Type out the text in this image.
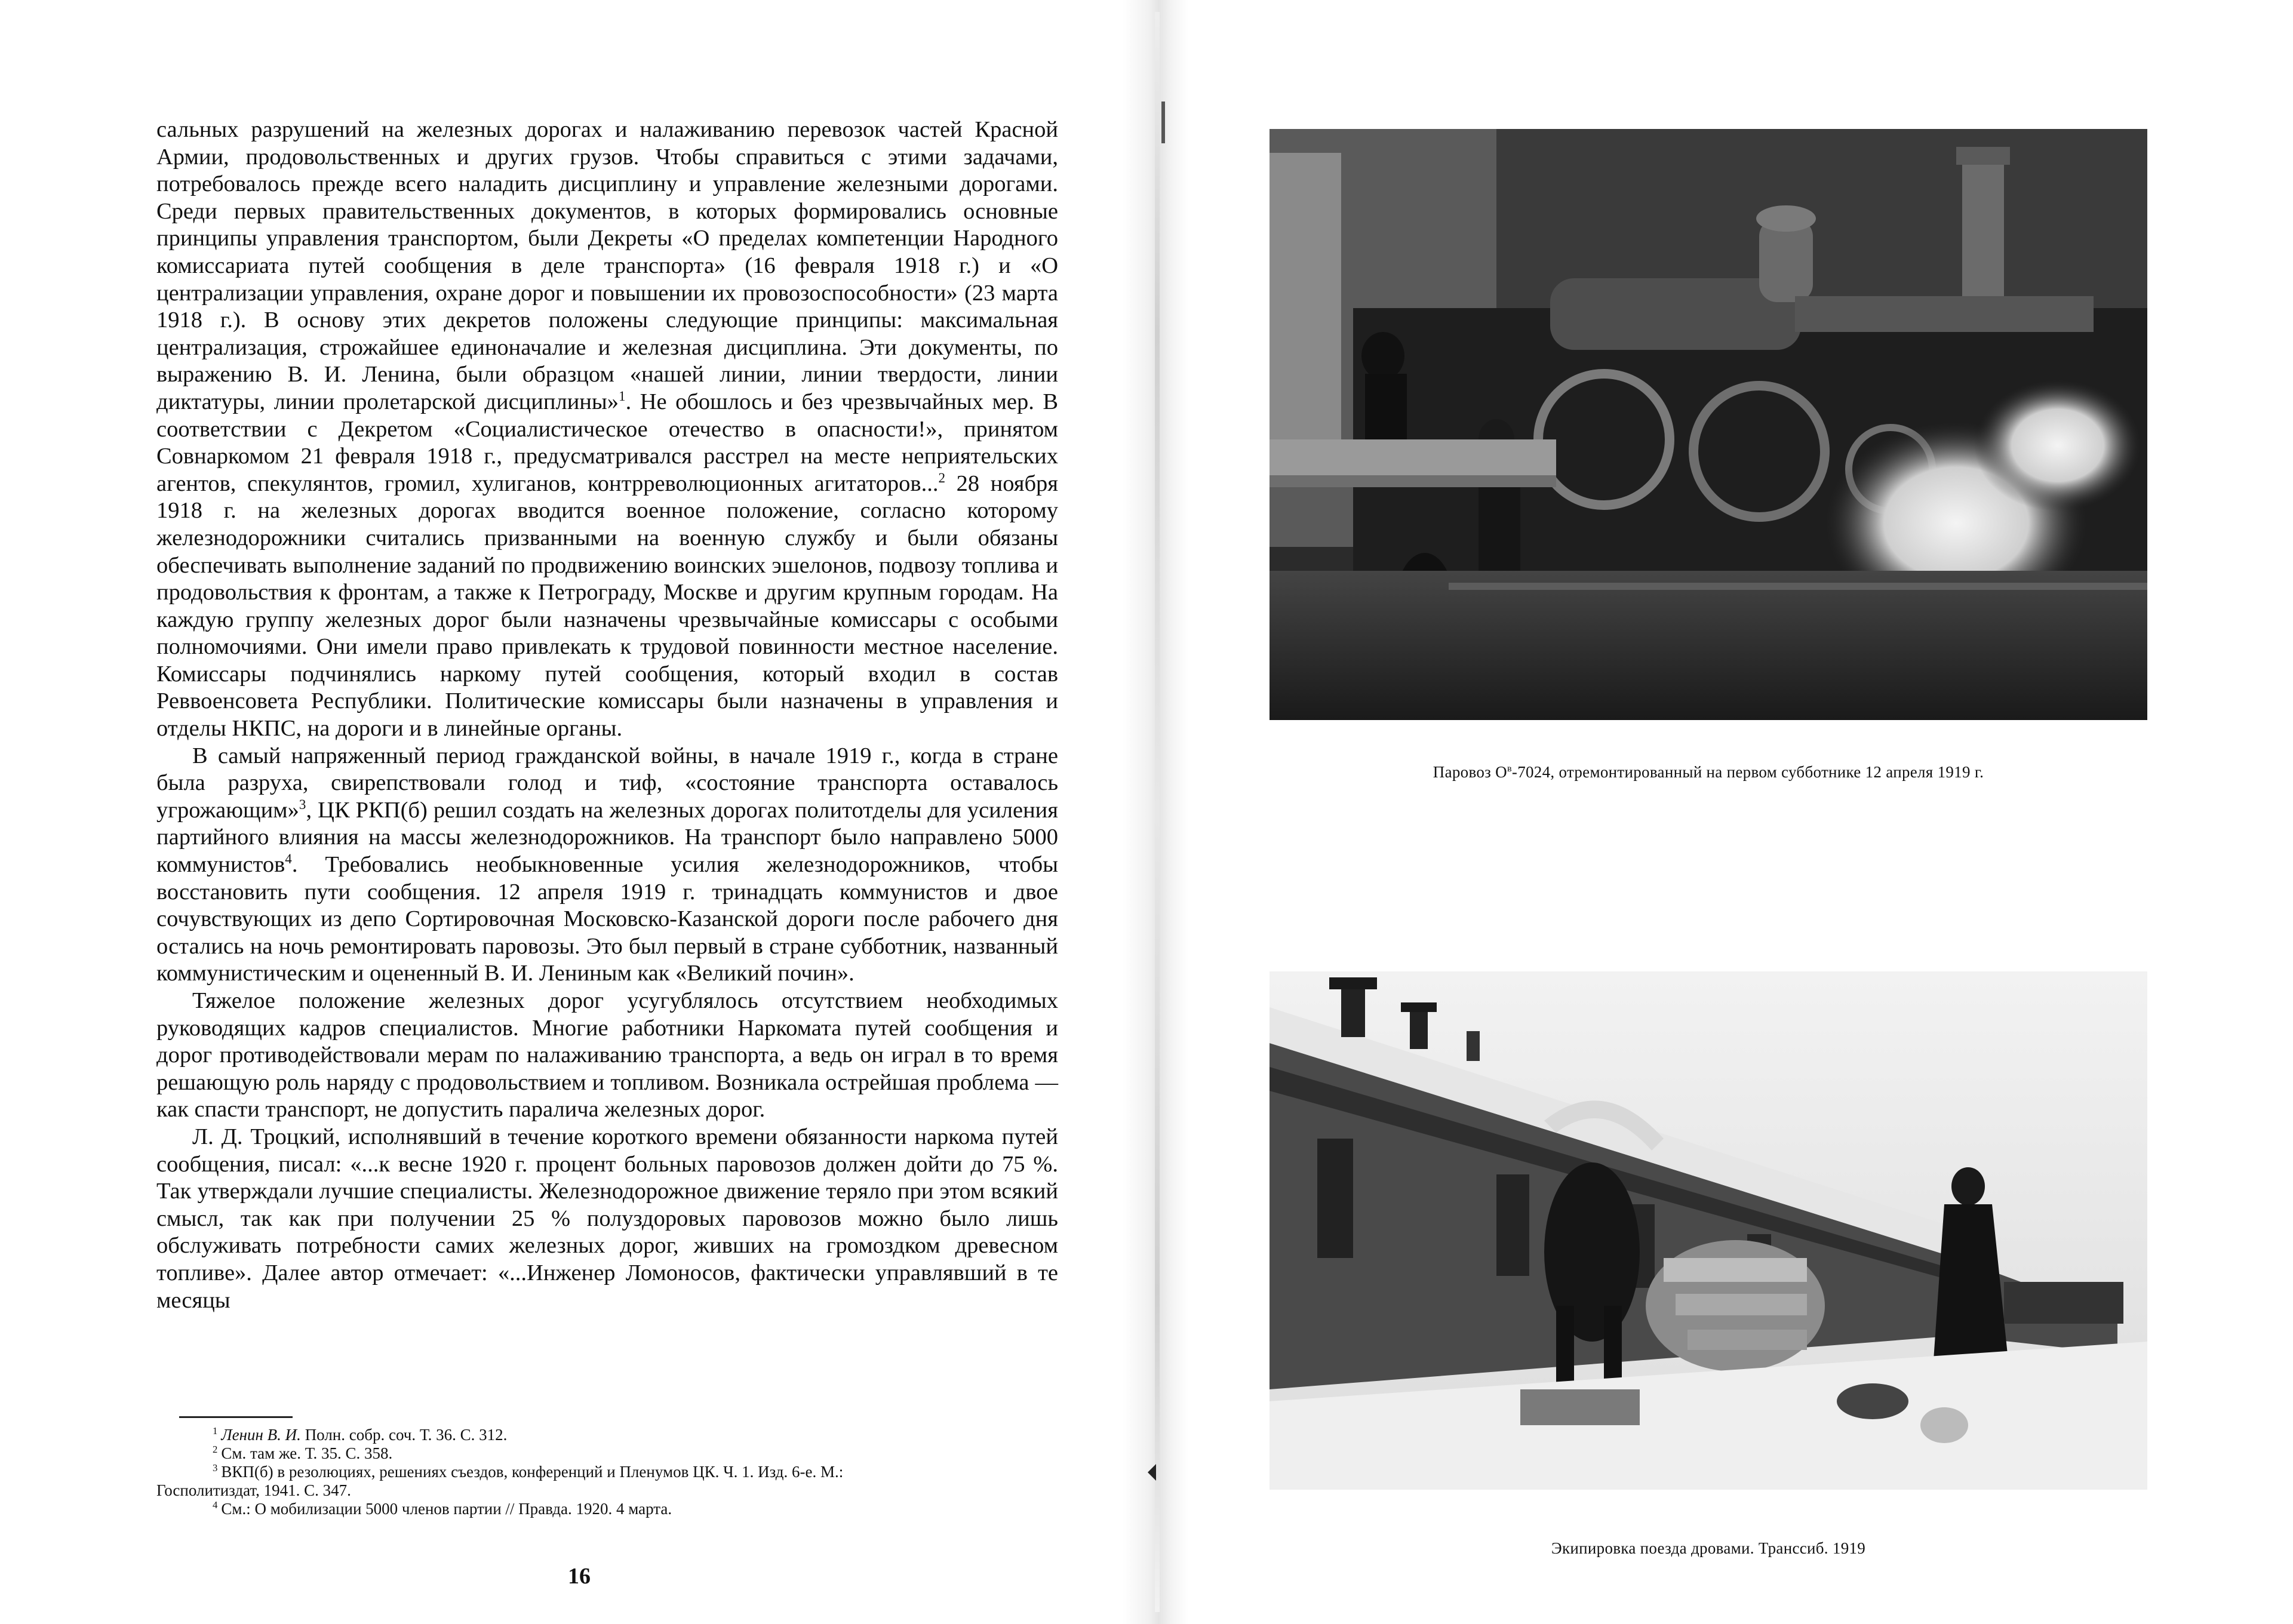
сальных разрушений на железных дорогах и налаживанию перевозок частей Красной Армии, продовольственных и других грузов. Чтобы справиться с этими задачами, потребовалось прежде всего наладить дисциплину и управление железными дорогами. Среди первых правительственных документов, в которых формировались основные принципы управления транспортом, были Декреты «О пределах компетенции Народного комиссариата путей сообщения в деле транспорта» (16 февраля 1918 г.) и «О централизации управления, охране дорог и повышении их провозоспособности» (23 марта 1918 г.). В основу этих декретов положены следующие принципы: максимальная централизация, строжайшее единоначалие и железная дисциплина. Эти документы, по выражению В. И. Ленина, были образцом «нашей линии, линии твердости, линии диктатуры, линии пролетарской дисциплины»$^1$. Не обошлось и без чрезвычайных мер. В соответствии с Декретом «Социалистическое отечество в опасности!», принятом Совнаркомом 21 февраля 1918 г., предусматривался расстрел на месте неприятельских агентов, спекулянтов, громил, хулиганов, контрреволюционных агитаторов...$^2$ 28 ноября 1918 г. на железных дорогах вводится военное положение, согласно которому железнодорожники считались призванными на военную службу и были обязаны обеспечивать выполнение заданий по продвижению воинских эшелонов, подвозу топлива и продовольствия к фронтам, а также к Петрограду, Москве и другим крупным городам. На каждую группу железных дорог были назначены чрезвычайные комиссары с особыми полномочиями. Они имели право привлекать к трудовой повинности местное население. Комиссары подчинялись наркому путей сообщения, который входил в состав Реввоенсовета Республики. Политические комиссары были назначены в управления и отделы НКПС, на дороги и в линейные органы.

В самый напряженный период гражданской войны, в начале 1919 г., когда в стране была разруха, свирепствовали голод и тиф, «состояние транспорта оставалось угрожающим»$^3$, ЦК РКП(б) решил создать на железных дорогах политотделы для усиления партийного влияния на массы железнодорожников. На транспорт было направлено 5000 коммунистов$^4$. Требовались необыкновенные усилия железнодорожников, чтобы восстановить пути сообщения. 12 апреля 1919 г. тринадцать коммунистов и двое сочувствующих из депо Сортировочная Московско-Казанской дороги после рабочего дня остались на ночь ремонтировать паровозы. Это был первый в стране субботник, названный коммунистическим и оцененный В. И. Лениным как «Великий почин».

Тяжелое положение железных дорог усугублялось отсутствием необходимых руководящих кадров специалистов. Многие работники Наркомата путей сообщения и дорог противодействовали мерам по налаживанию транспорта, а ведь он играл в то время решающую роль наряду с продовольствием и топливом. Возникала острейшая проблема — как спасти транспорт, не допустить паралича железных дорог.

Л. Д. Троцкий, исполнявший в течение короткого времени обязанности наркома путей сообщения, писал: «...к весне 1920 г. процент больных паровозов должен дойти до 75 %. Так утверждали лучшие специалисты. Железнодорожное движение теряло при этом всякий смысл, так как при получении 25 % полуздоровых паровозов можно было лишь обслуживать потребности самих железных дорог, живших на громоздком древесном топливе». Далее автор отмечает: «...Инженер Ломоносов, фактически управлявший в те месяцы

$^1$ Ленин В. И. Полн. собр. соч. Т. 36. С. 312.

$^2$ См. там же. Т. 35. С. 358.

$^3$ ВКП(б) в резолюциях, решениях съездов, конференций и Пленумов ЦК. Ч. 1. Изд. 6-е. М.:
Госполитиздат, 1941. С. 347.

$^4$ См.: О мобилизации 5000 членов партии // Правда. 1920. 4 марта.

16

Паровоз $О^в-7024$, отремонтированный на первом субботнике 12 апреля 1919 г.

Экипировка поезда дровами. Транссиб. 1919
